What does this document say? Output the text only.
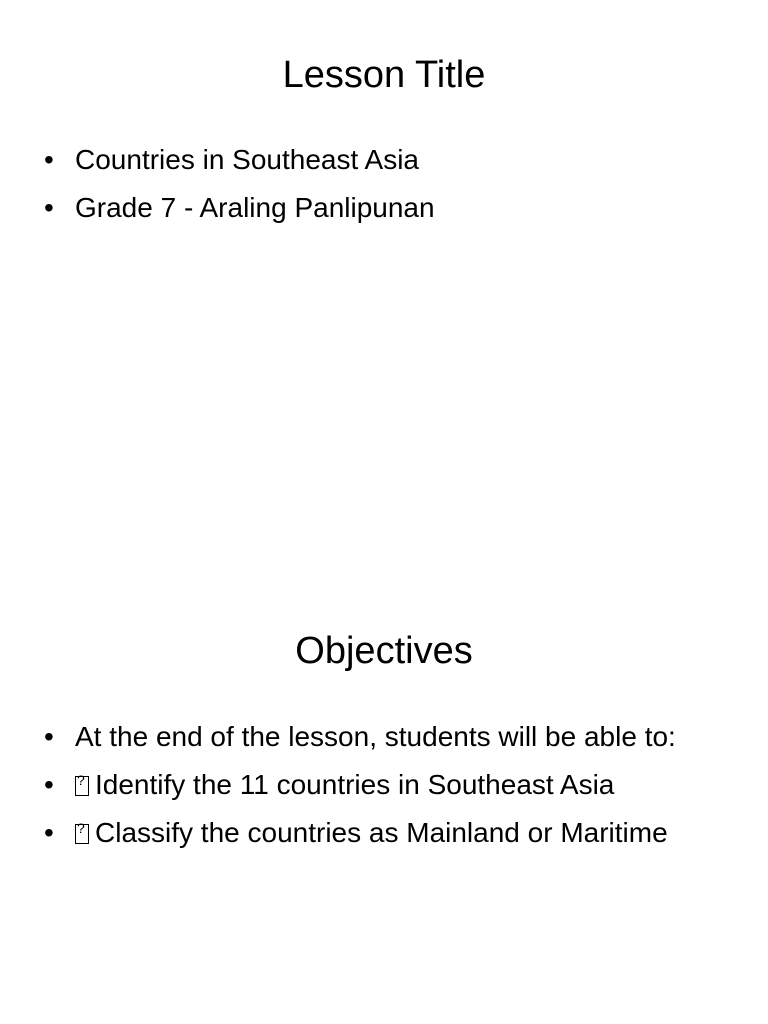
Lesson Title
• Countries in Southeast Asia
• Grade 7 - Araling Panlipunan
Objectives
• At the end of the lesson, students will be able to:
• ?	Identify the 11 countries in Southeast Asia
• ?	Classify the countries as Mainland or Maritime
